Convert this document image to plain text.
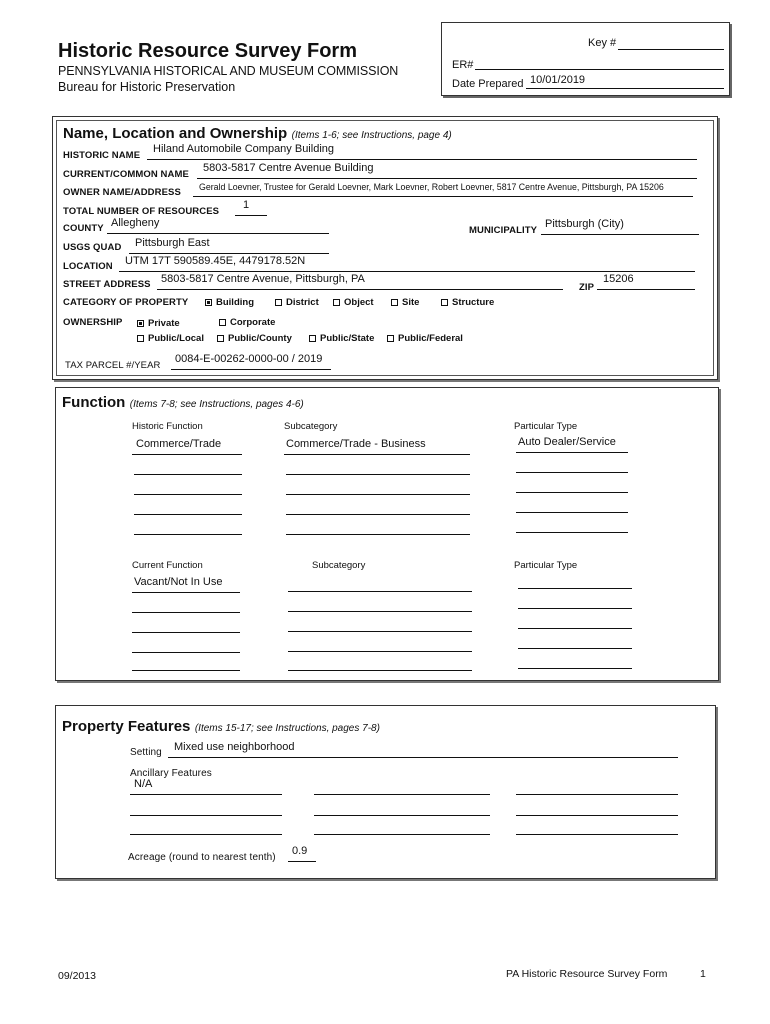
Historic Resource Survey Form
PENNSYLVANIA HISTORICAL AND MUSEUM COMMISSION
Bureau for Historic Preservation
Key #
ER#
Date Prepared 10/01/2019
Name, Location and Ownership (Items 1-6; see Instructions, page 4)
HISTORIC NAME
Hiland Automobile Company Building
CURRENT/COMMON NAME
5803-5817 Centre Avenue Building
OWNER NAME/ADDRESS Gerald Loevner, Trustee for Gerald Loevner, Mark Loevner, Robert Loevner, 5817 Centre Avenue, Pittsburgh, PA 15206
TOTAL NUMBER OF RESOURCES
1
COUNTY Allegheny
MUNICIPALITY
Pittsburgh (City)
USGS QUAD Pittsburgh East
LOCATION UTM 17T 590589.45E, 4479178.52N
STREET ADDRESS 5803-5817 Centre Avenue, Pittsburgh, PA
ZIP
15206
CATEGORY OF PROPERTY	Building	District	Object	Site	Structure
OWNERSHIP	Private	Corporate
Public/Local	Public/County	Public/State	Public/Federal
TAX PARCEL #/YEAR
0084-E-00262-0000-00 / 2019
Function (Items 7-8; see Instructions, pages 4-6)
Historic Function	Subcategory	Particular Type
Commerce/Trade	Commerce/Trade - Business	Auto Dealer/Service
Current Function	Subcategory	Particular Type
Vacant/Not In Use
Property Features (Items 15-17; see Instructions, pages 7-8)
Setting Mixed use neighborhood
Ancillary Features
N/A
Acreage (round to nearest tenth)
0.9
09/2013	PA Historic Resource Survey Form	1
